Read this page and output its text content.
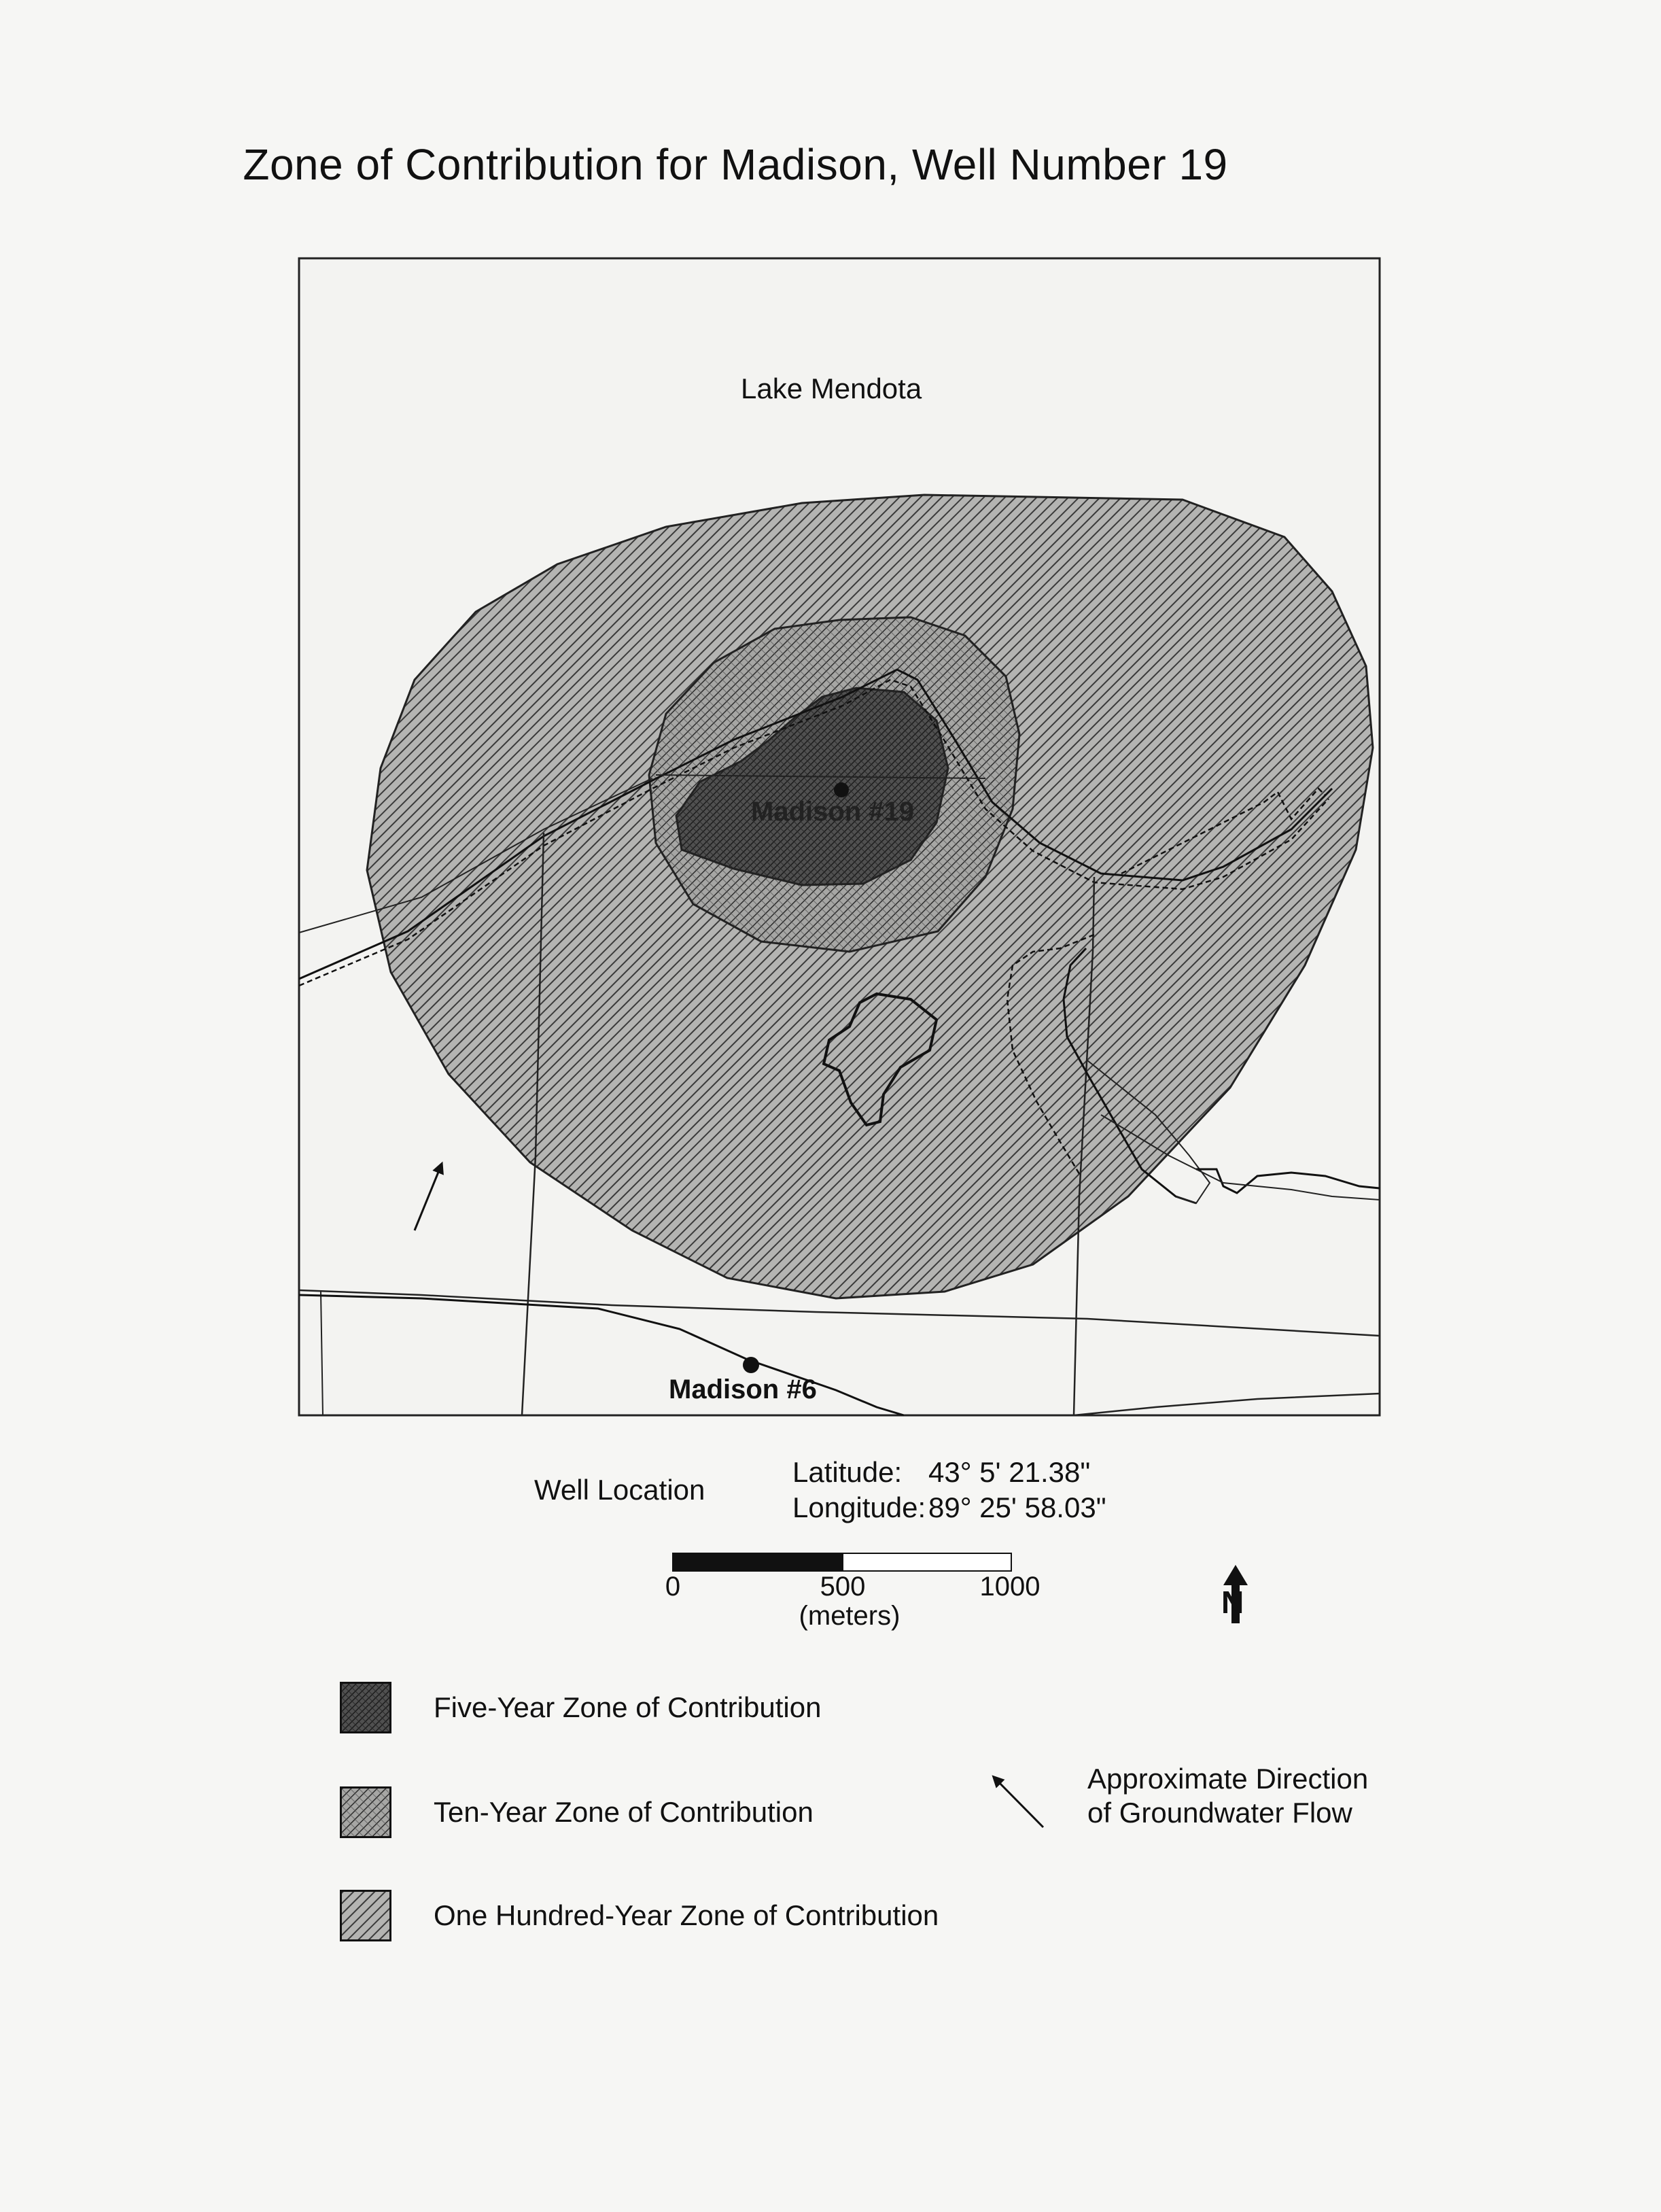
Zone of Contribution for Madison, Well Number 19
Lake Mendota
Madison #19
Madison #6
Well Location
Latitude: 43° 5' 21.38"
Longitude:89° 25' 58.03"
0	500	1000
(meters)	N
Five-Year Zone of Contribution
Ten-Year Zone of Contribution
One Hundred-Year Zone of Contribution
Approximate Direction
of Groundwater Flow
